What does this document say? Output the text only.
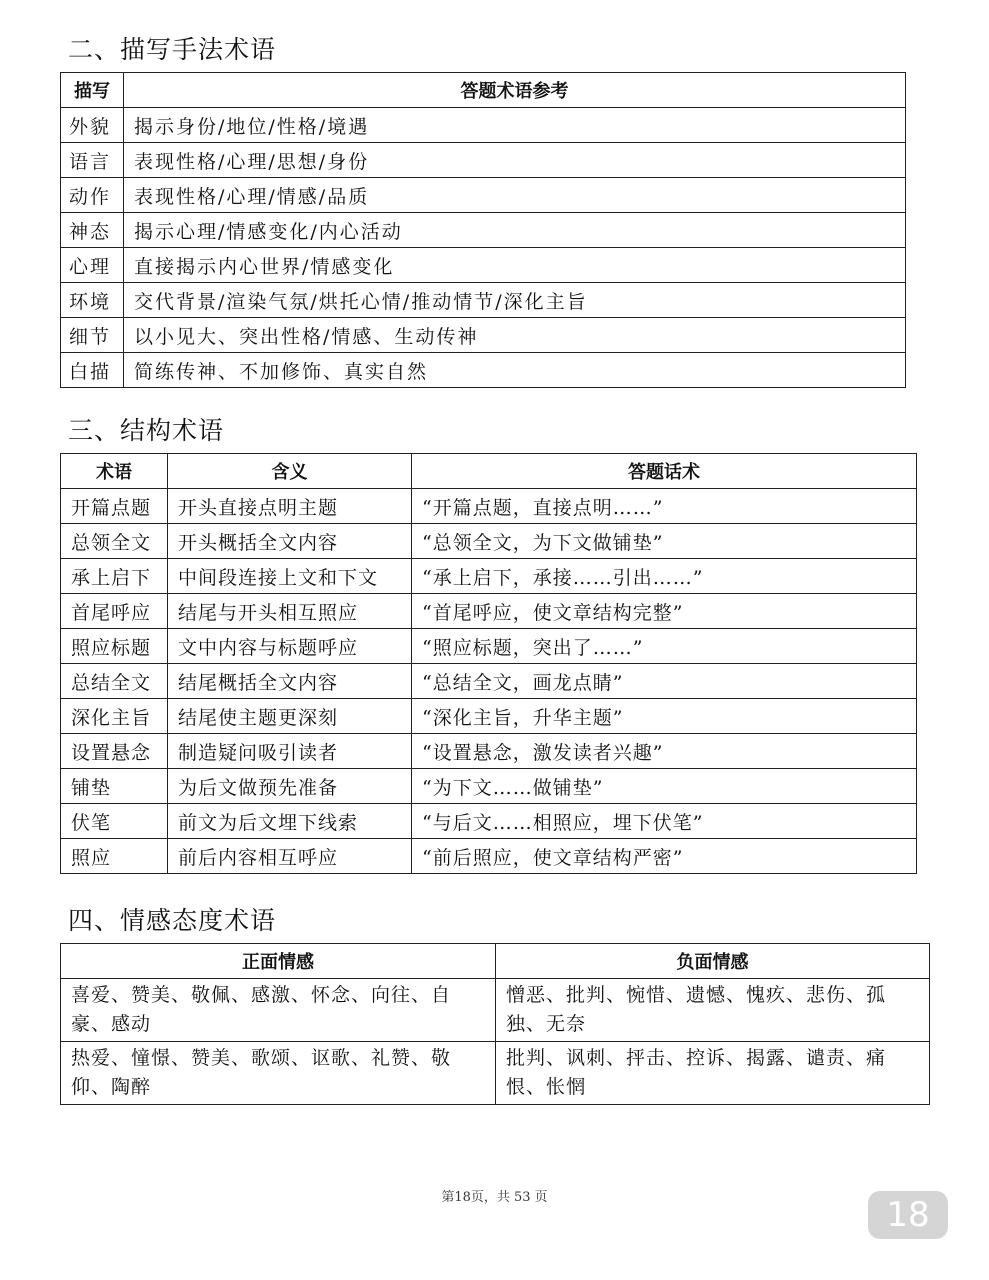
二、描写手法术语
描写	答题术语参考
外貌	揭示身份/地位/性格/境遇
语言	表现性格/心理/思想/身份
动作	表现性格/心理/情感/品质
神态	揭示心理/情感变化/内心活动
心理	直接揭示内心世界/情感变化
环境	交代背景/渲染气氛/烘托心情/推动情节/深化主旨
细节	以小见大、突出性格/情感、生动传神
白描	简练传神、不加修饰、真实自然
三、结构术语
术语	含义	答题话术
开篇点题	开头直接点明主题	“开篇点题，直接点明……”
总领全文	开头概括全文内容	“总领全文，为下文做铺垫”
承上启下	中间段连接上文和下文	“承上启下，承接……引出……”
首尾呼应	结尾与开头相互照应	“首尾呼应，使文章结构完整”
照应标题	文中内容与标题呼应	“照应标题，突出了……”
总结全文	结尾概括全文内容	“总结全文，画龙点睛”
深化主旨	结尾使主题更深刻	“深化主旨，升华主题”
设置悬念	制造疑问吸引读者	“设置悬念，激发读者兴趣”
铺垫	为后文做预先准备	“为下文……做铺垫”
伏笔	前文为后文埋下线索	“与后文……相照应，埋下伏笔”
照应	前后内容相互呼应	“前后照应，使文章结构严密”
四、情感态度术语
正面情感	负面情感
喜爱、赞美、敬佩、感激、怀念、向往、自豪、感动	憎恶、批判、惋惜、遗憾、愧疚、悲伤、孤独、无奈
热爱、憧憬、赞美、歌颂、讴歌、礼赞、敬仰、陶醉	批判、讽刺、抨击、控诉、揭露、谴责、痛恨、怅惘
第18页，共 53 页	18
